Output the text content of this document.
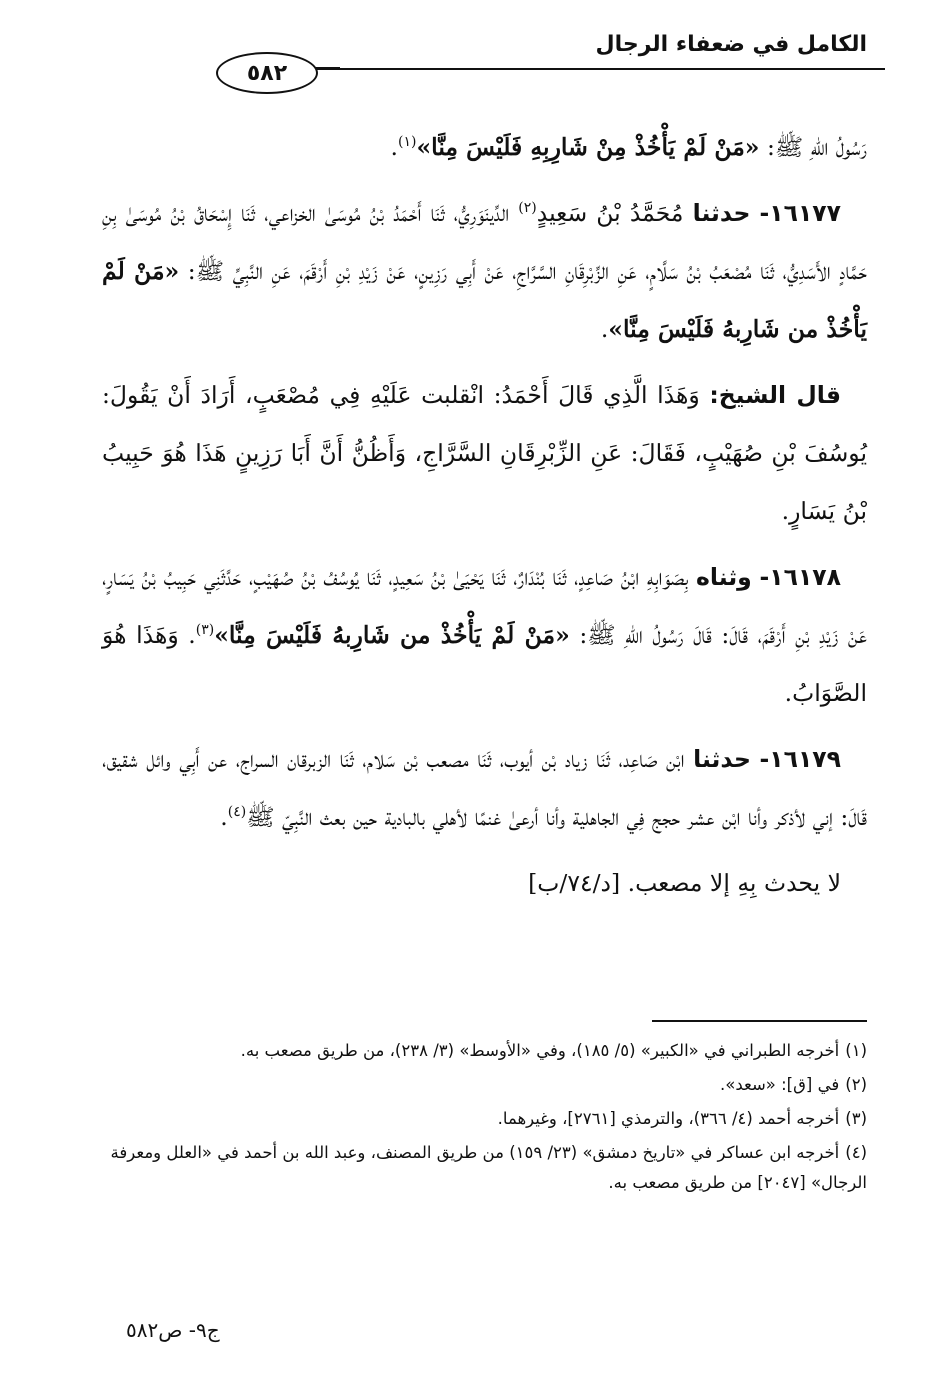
الكامل في ضعفاء الرجال
٥٨٢

رَسُولُ اللهِ ﷺ: «مَنْ لَمْ يَأْخُذْ مِنْ شَارِبِهِ فَلَيْسَ مِنَّا»$^{(١)}$.

١٦١٧٧- حدثنا مُحَمَّدُ بْنُ سَعِيدٍ$^{(٢)}$ الدِّينَوَرِيُّ، ثَنَا أَحْمَدُ بْنُ مُوسَىٰ الخزاعي، ثَنَا إِسْحَاقُ بْنُ مُوسَىٰ بِنِ حَمَّادٍ الأَسَدِيُّ، ثَنَا مُصْعَبُ بْنُ سَلَّامٍ، عَنِ الزِّبْرِقَانِ السَّرَّاجِ، عَنْ أَبِي رَزِينٍ، عَنْ زَيْدِ بْنِ أَرْقَمَ، عَنِ النَّبِيِّ ﷺ: «مَنْ لَمْ يَأْخُذْ من شَارِبهُ فَلَيْسَ مِنَّا».

قال الشيخ: وَهَذَا الَّذِي قَالَ أَحْمَدُ: انْقلبت عَلَيْهِ فِي مُصْعَبٍ، أَرَادَ أَنْ يَقُولَ: يُوسُفَ بْنِ صُهَيْبٍ، فَقَالَ: عَنِ الزِّبْرِقَانِ السَّرَّاجِ، وَأَظُنُّ أَنَّ أَبَا رَزِينٍ هَذَا هُوَ حَبِيبُ بْنُ يَسَارٍ.

١٦١٧٨- وثناه بِصَوَابِهِ ابْنُ صَاعِدٍ، ثَنَا بُنْدَارٌ، ثَنَا يَحْيَىٰ بْنُ سَعِيدٍ، ثَنَا يُوسُفُ بْنُ صُهَيْبٍ، حَدَّثَنِي حَبِيبُ بْنُ يَسَارٍ، عَنْ زَيْدِ بْنِ أَرْقَمَ، قَالَ: قَالَ رَسُولُ اللهِ ﷺ: «مَنْ لَمْ يَأْخُذْ من شَارِبهُ فَلَيْسَ مِنَّا»$^{(٣)}$. وَهَذَا هُوَ الصَّوَابُ.

١٦١٧٩- حدثنا ابْن صَاعِد، ثَنَا زياد بْن أيوب، ثَنَا مصعب بْن سَلام، ثَنَا الزبرقان السراج، عن أَبِي وائل شقيق، قَالَ: إني لأذكر وأنا ابْن عشر حجج فِي الجاهلية وأنا أرعىٰ غنمًا لأهلي بالبادية حين بعث النَّبِيّ ﷺ$^{(٤)}$.

لا يحدث بِهِ إلا مصعب. [د/٧٤/ب]

(١)أخرجه الطبراني في «الكبير» (٥/ ١٨٥)، وفي «الأوسط» (٣/ ٢٣٨)، من طريق مصعب به.
(٢)في [ق]: «سعد».
(٣)أخرجه أحمد (٤/ ٣٦٦)، والترمذي [٢٧٦١]، وغيرهما.
(٤)أخرجه ابن عساكر في «تاريخ دمشق» (٢٣/ ١٥٩) من طريق المصنف، وعبد الله بن أحمد في «العلل ومعرفة الرجال» [٢٠٤٧] من طريق مصعب به.
ج٩- ص٥٨٢
